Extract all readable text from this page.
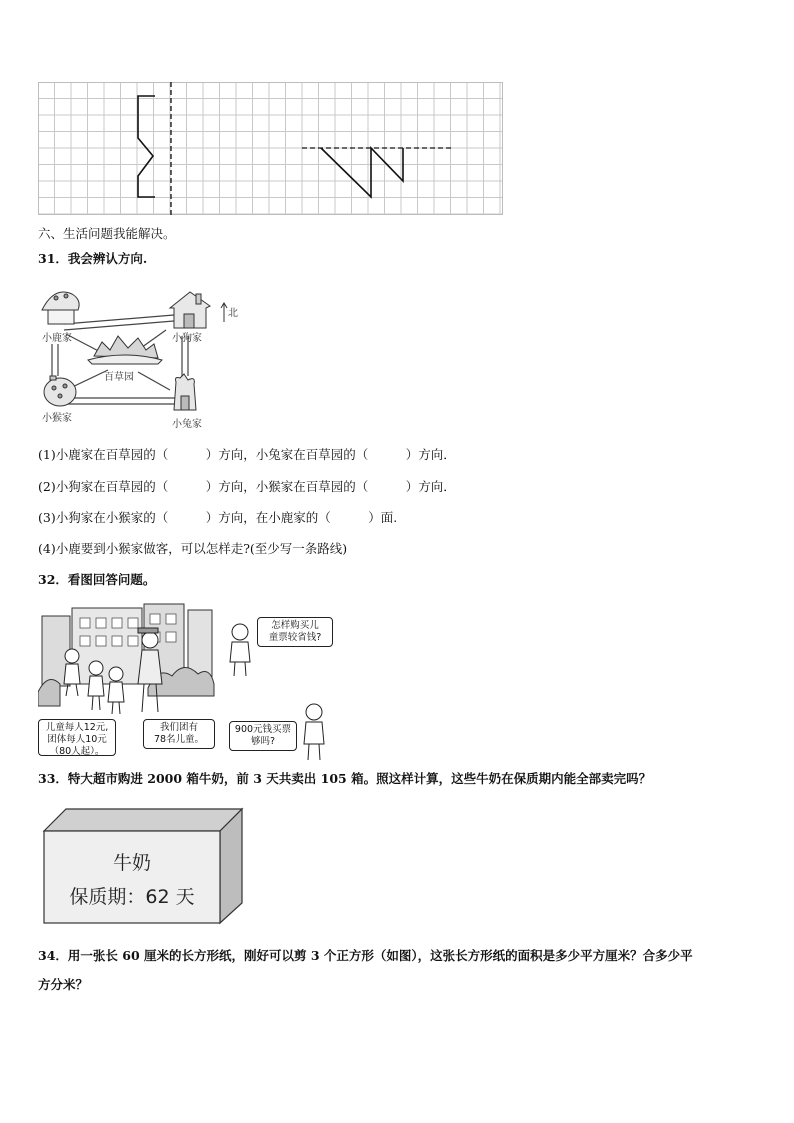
六、生活问题我能解决。
31．我会辨认方向.
小鹿家	小狗家
北
百草园
小猴家
小兔家
(1)小鹿家在百草园的（　　　）方向，小兔家在百草园的（　　　）方向．
(2)小狗家在百草园的（　　　）方向，小猴家在百草园的（　　　）方向．
(3)小狗家在小猴家的（　　　）方向，在小鹿家的（　　　）面.
(4)小鹿要到小猴家做客，可以怎样走?(至少写一条路线)
32．看图回答问题。
儿童每人12元,
团体每人10元
（80人起）。
我们团有
78名儿童。
怎样购买儿
童票较省钱?
900元钱买票
够吗?
33．特大超市购进 2000 箱牛奶，前 3 天共卖出 105 箱。照这样计算，这些牛奶在保质期内能全部卖完吗？
牛奶
保质期：62 天
34．用一张长 60 厘米的长方形纸，刚好可以剪 3 个正方形（如图），这张长方形纸的面积是多少平方厘米？合多少平
方分米？
